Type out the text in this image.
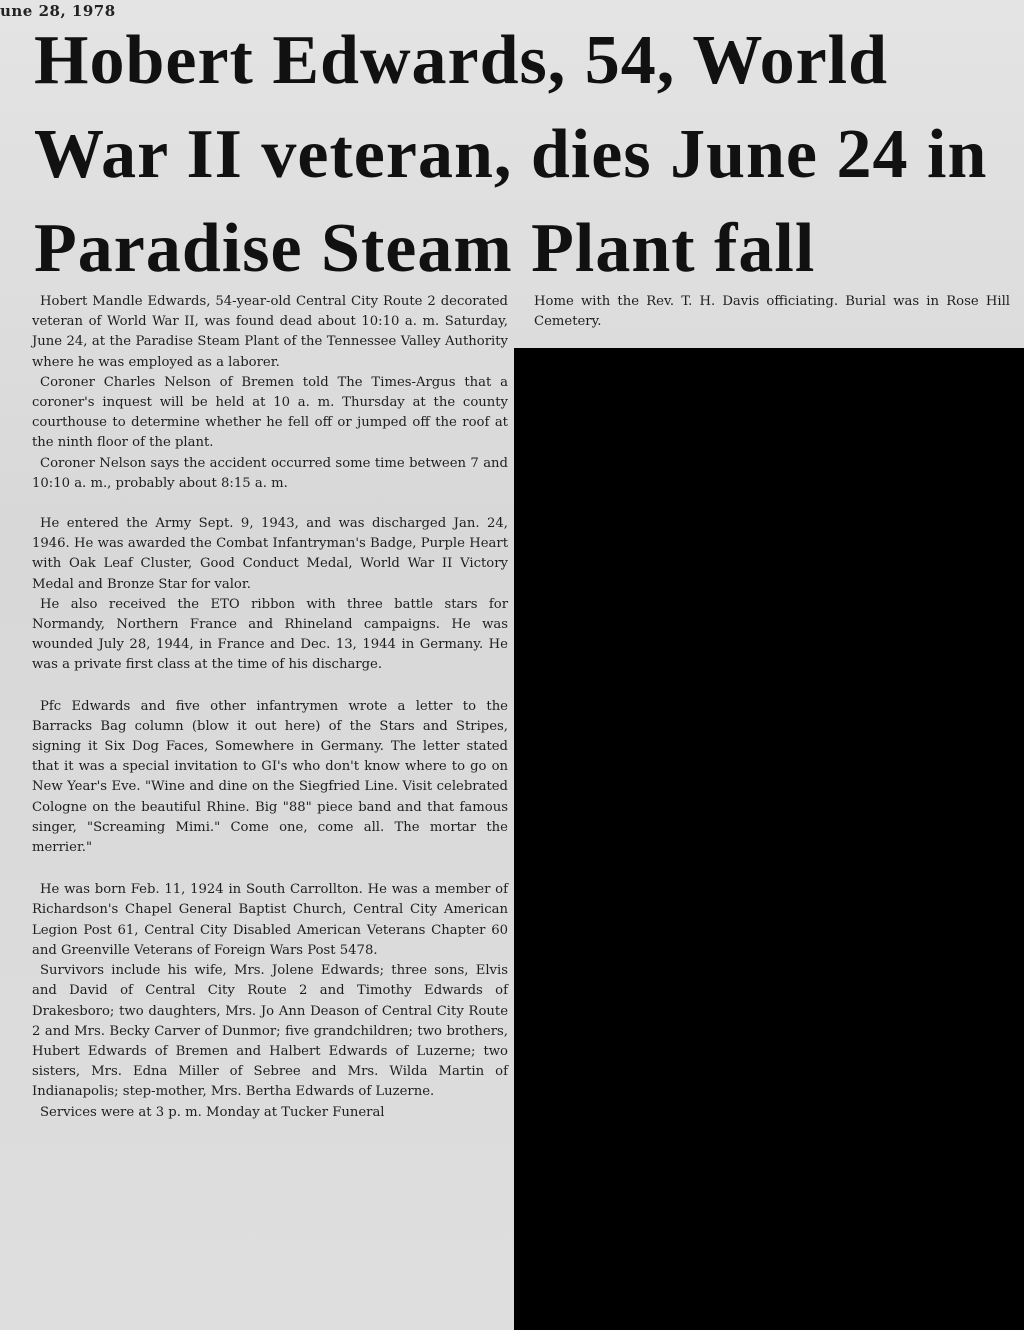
une 28, 1978
Hobert Edwards, 54, World War II veteran, dies June 24 in Paradise Steam Plant fall

Hobert Mandle Edwards, 54-year-old Central City Route 2 decorated veteran of World War II, was found dead about 10:10 a. m. Saturday, June 24, at the Paradise Steam Plant of the Tennessee Valley Authority where he was employed as a laborer.

Coroner Charles Nelson of Bremen told The Times-Argus that a coroner's inquest will be held at 10 a. m. Thursday at the county courthouse to determine whether he fell off or jumped off the roof at the ninth floor of the plant.

Coroner Nelson says the accident occurred some time between 7 and 10:10 a. m., probably about 8:15 a. m.

He entered the Army Sept. 9, 1943, and was discharged Jan. 24, 1946. He was awarded the Combat Infantryman's Badge, Purple Heart with Oak Leaf Cluster, Good Conduct Medal, World War II Victory Medal and Bronze Star for valor.

He also received the ETO ribbon with three battle stars for Normandy, Northern France and Rhineland campaigns. He was wounded July 28, 1944, in France and Dec. 13, 1944 in Germany. He was a private first class at the time of his discharge.

Pfc Edwards and five other infantrymen wrote a letter to the Barracks Bag column (blow it out here) of the Stars and Stripes, signing it Six Dog Faces, Somewhere in Germany. The letter stated that it was a special invitation to GI's who don't know where to go on New Year's Eve. "Wine and dine on the Siegfried Line. Visit celebrated Cologne on the beautiful Rhine. Big "88" piece band and that famous singer, "Screaming Mimi." Come one, come all. The mortar the merrier."

He was born Feb. 11, 1924 in South Carrollton. He was a member of Richardson's Chapel General Baptist Church, Central City American Legion Post 61, Central City Disabled American Veterans Chapter 60 and Greenville Veterans of Foreign Wars Post 5478.

Survivors include his wife, Mrs. Jolene Edwards; three sons, Elvis and David of Central City Route 2 and Timothy Edwards of Drakesboro; two daughters, Mrs. Jo Ann Deason of Central City Route 2 and Mrs. Becky Carver of Dunmor; five grandchildren; two brothers, Hubert Edwards of Bremen and Halbert Edwards of Luzerne; two sisters, Mrs. Edna Miller of Sebree and Mrs. Wilda Martin of Indianapolis; step-mother, Mrs. Bertha Edwards of Luzerne.

Services were at 3 p. m. Monday at Tucker Funeral

Home with the Rev. T. H. Davis officiating. Burial was in Rose Hill Cemetery.
